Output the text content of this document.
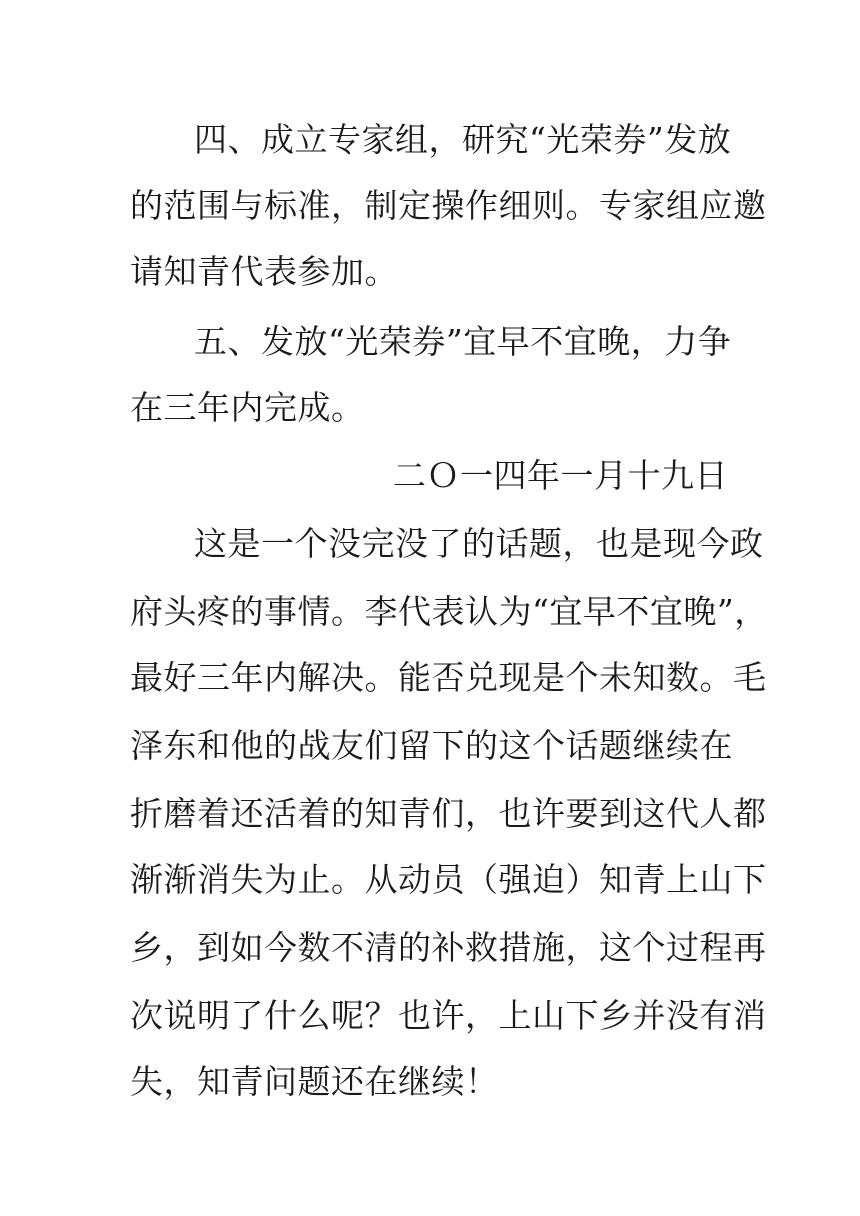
四、成立专家组，研究“光荣券”发放
的范围与标准，制定操作细则。专家组应邀
请知青代表参加。
五、发放“光荣券”宜早不宜晚，力争
在三年内完成。
二Ｏ一四年一月十九日
这是一个没完没了的话题，也是现今政
府头疼的事情。李代表认为“宜早不宜晚”，
最好三年内解决。能否兑现是个未知数。毛
泽东和他的战友们留下的这个话题继续在
折磨着还活着的知青们，也许要到这代人都
渐渐消失为止。从动员（强迫）知青上山下
乡，到如今数不清的补救措施，这个过程再
次说明了什么呢？也许，上山下乡并没有消
失，知青问题还在继续！
